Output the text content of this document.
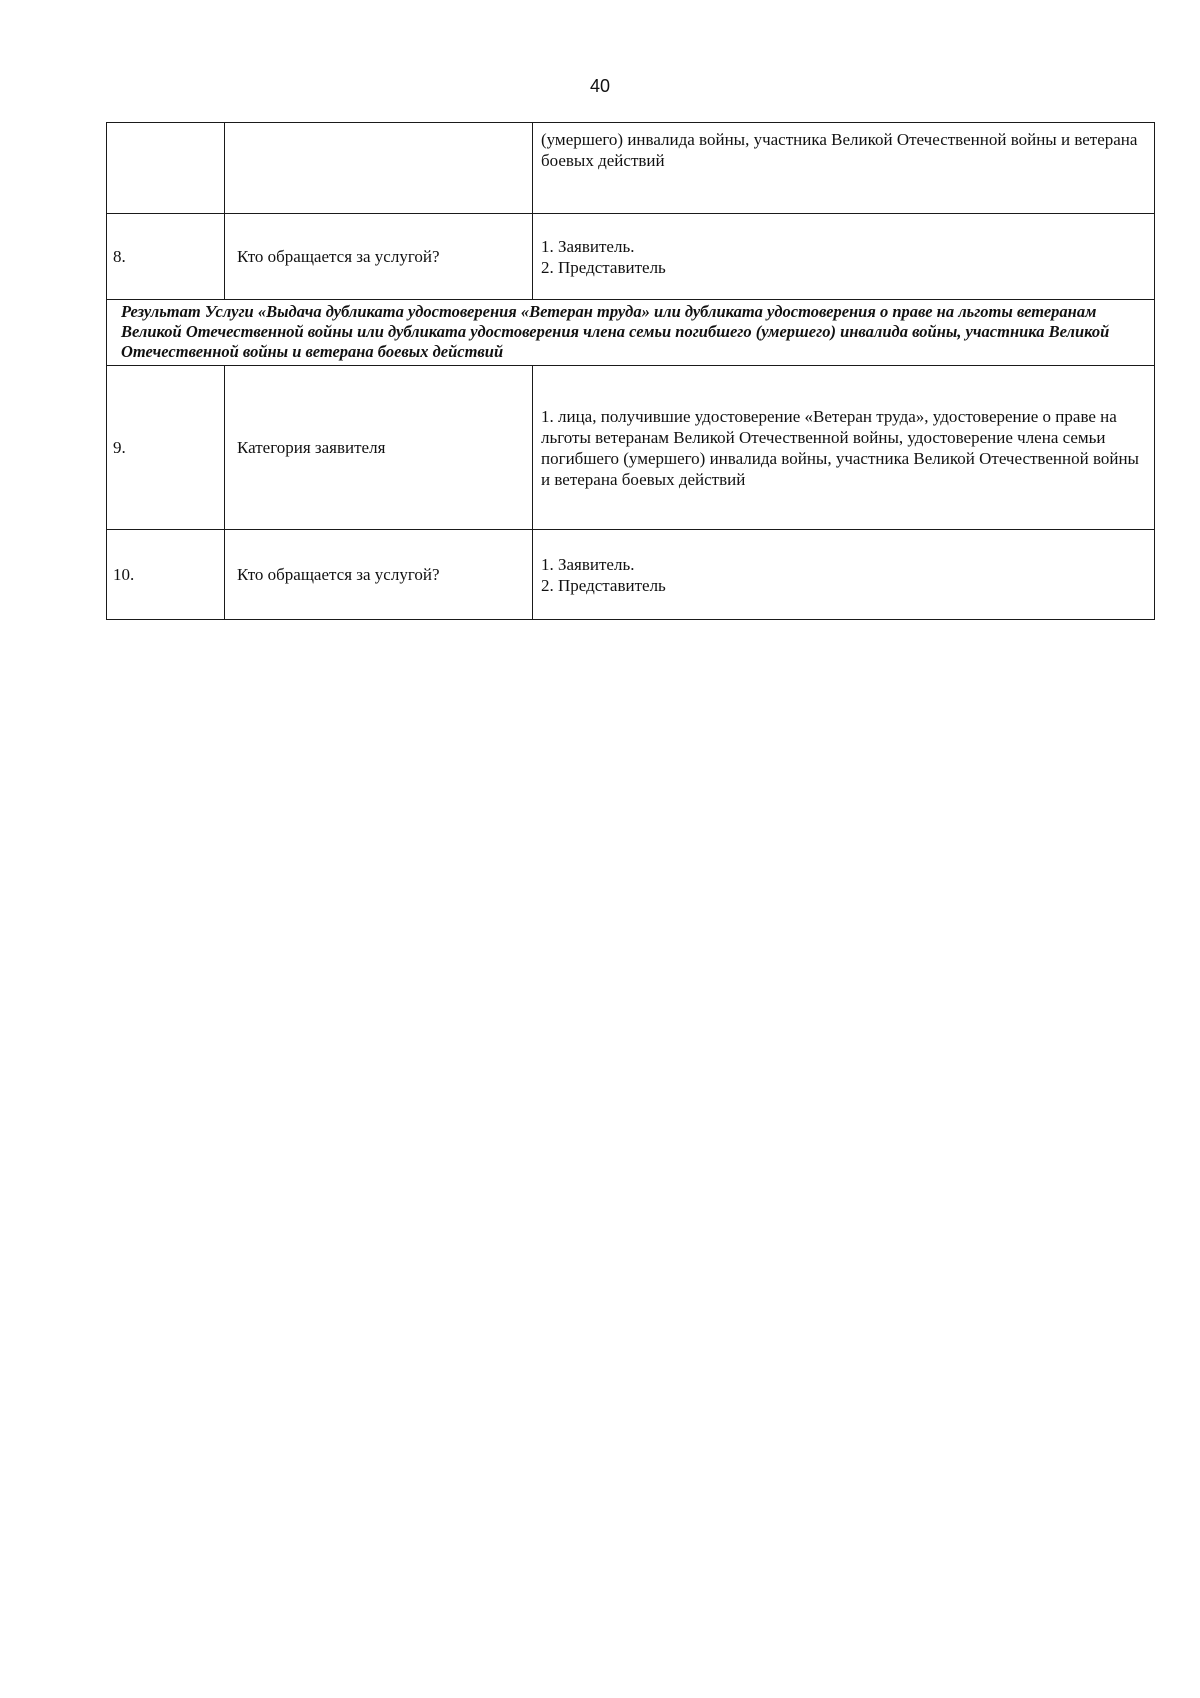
40
		(умершего) инвалида войны, участника Великой Отечественной войны и ветерана боевых действий
8.	Кто обращается за услугой?	1. Заявитель.
2. Представитель

Результат Услуги «Выдача дубликата удостоверения «Ветеран труда» или дубликата удостоверения о праве на льготы ветеранам Великой Отечественной войны или дубликата удостоверения члена семьи погибшего (умершего) инвалида войны, участника Великой Отечественной войны и ветерана боевых действий		
9.	Категория заявителя	1. лица, получившие удостоверение «Ветеран труда», удостоверение о праве на льготы ветеранам Великой Отечественной войны, удостоверение члена семьи погибшего (умершего) инвалида войны, участника Великой Отечественной войны и ветерана боевых действий
10.	Кто обращается за услугой?	1. Заявитель.
2. Представитель
